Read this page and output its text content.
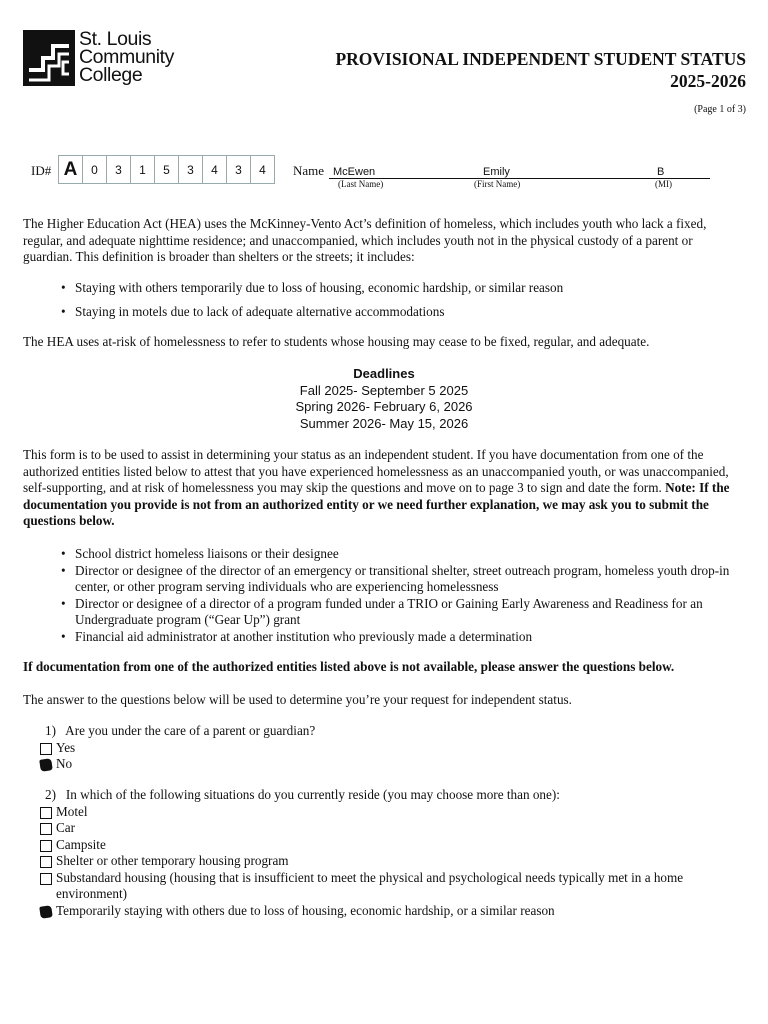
St. Louis
Community
College
PROVISIONAL INDEPENDENT STUDENT STATUS
2025-2026
(Page 1 of 3)
ID# A	0	3	1	5	3	4	3	4	Name McEwen	Emily	B
(Last Name)	(First Name)	(MI)
The Higher Education Act (HEA) uses the McKinney-Vento Act’s definition of homeless, which includes youth who lack a fixed, regular, and adequate nighttime residence; and unaccompanied, which includes youth not in the physical custody of a parent or guardian. This definition is broader than shelters or the streets; it includes:
• Staying with others temporarily due to loss of housing, economic hardship, or similar reason
• Staying in motels due to lack of adequate alternative accommodations
The HEA uses at-risk of homelessness to refer to students whose housing may cease to be fixed, regular, and adequate.
Deadlines
Fall 2025- September 5 2025
Spring 2026- February 6, 2026
Summer 2026- May 15, 2026
This form is to be used to assist in determining your status as an independent student. If you have documentation from one of the authorized entities listed below to attest that you have experienced homelessness as an unaccompanied youth, or was unaccompanied, self-supporting, and at risk of homelessness you may skip the questions and move on to page 3 to sign and date the form. Note: If the documentation you provide is not from an authorized entity or we need further explanation, we may ask you to submit the questions below.
• School district homeless liaisons or their designee
• Director or designee of the director of an emergency or transitional shelter, street outreach program, homeless youth drop-in center, or other program serving individuals who are experiencing homelessness
• Director or designee of a director of a program funded under a TRIO or Gaining Early Awareness and Readiness for an Undergraduate program (“Gear Up”) grant
• Financial aid administrator at another institution who previously made a determination
If documentation from one of the authorized entities listed above is not available, please answer the questions below.
The answer to the questions below will be used to determine you’re your request for independent status.
1) Are you under the care of a parent or guardian?
Yes
No
2) In which of the following situations do you currently reside (you may choose more than one):
Motel
Car
Campsite
Shelter or other temporary housing program
Substandard housing (housing that is insufficient to meet the physical and psychological needs typically met in a home environment)
Temporarily staying with others due to loss of housing, economic hardship, or a similar reason
